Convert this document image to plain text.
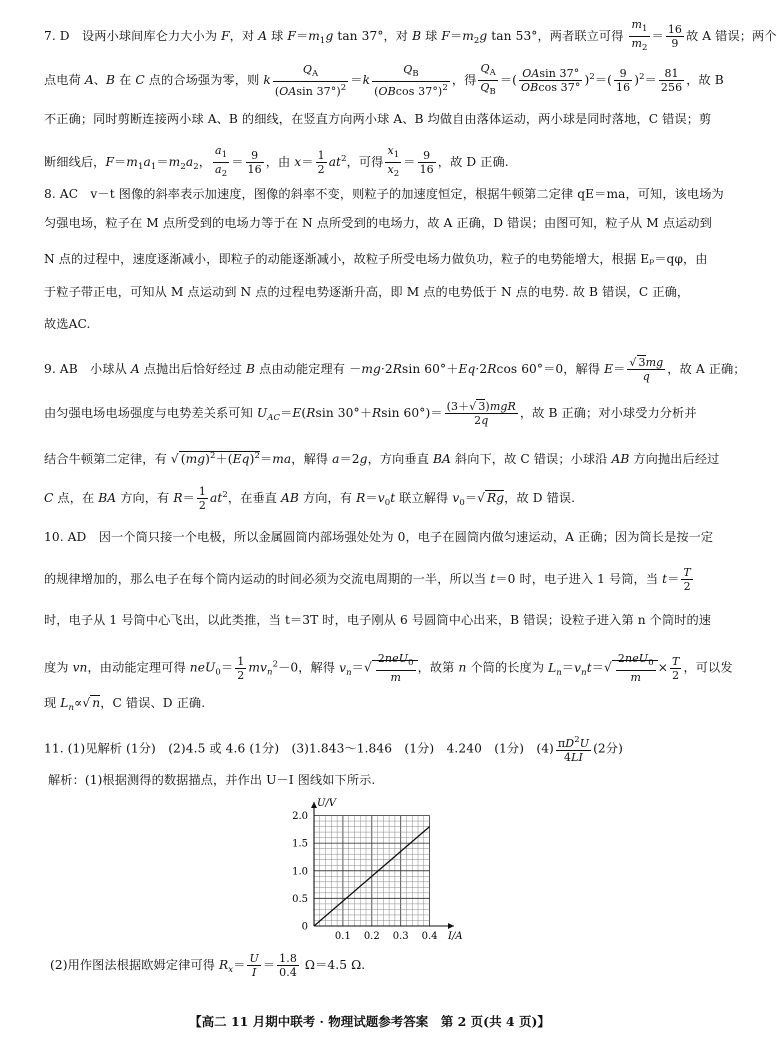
7. D　设两小球间库仑力大小为 F，对 A 球 $F=m_1g$ tan 37°，对 B 球 $F=m_2g$ tan 53°，两者联立可得 $\frac{m_1}{m_2} = \frac{16}{9}$ 故 A 错误；两个
点电荷 A、B 在 C 点的合场强为零，则 k $\frac{Q_A}{(OAsin 37^\circ)^2} =k \frac{Q_B}{(OBcos 37^\circ)^2}$ ，得 $\frac{Q_A}{Q_B}$ ＝( $\frac{OAsin 37^\circ}{OBcos 37^\circ} )^2=( \frac{9}{16} )^2= \frac{81}{256}$ ，故 B
不正确；同时剪断连接两小球 A、B 的细线，在竖直方向两小球 A、B 均做自由落体运动，两小球是同时落地，C 错误；剪
断细线后，$F=m_1a_1=m_2a_2$， $\frac{a_1}{a_2} = \frac{9}{16}$ ，由 $x= \frac{1}{2} at^2$，可得 $\frac{x_1}{x_2} = \frac{9}{16}$ ，故 D 正确.
8. AC　v－t 图像的斜率表示加速度，图像的斜率不变，则粒子的加速度恒定，根据牛顿第二定律 qE＝ma，可知，该电场为
匀强电场，粒子在 M 点所受到的电场力等于在 N 点所受到的电场力，故 A 正确，D 错误；由图可知，粒子从 M 点运动到
N 点的过程中，速度逐渐减小，即粒子的动能逐渐减小，故粒子所受电场力做负功，粒子的电势能增大，根据 Eₚ＝qφ，由
于粒子带正电，可知从 M 点运动到 N 点的过程电势逐渐升高，即 M 点的电势低于 N 点的电势. 故 B 错误，C 正确，
故选AC.
9. AB　小球从 A 点抛出后恰好经过 B 点由动能定理有 －mg·2Rsin 60°＋Eq·2Rcos 60°＝0，解得 $E= \frac{√ 3mg}{q}$ ，故 A 正确；
由匀强电场电场强度与电势差关系可知 $U_{AC}=E(Rsin$ 30°＋Rsin $60^\circ)= \frac{\text{(3＋√ 3)mgR}}{2q}$ ，故 B 正确；对小球受力分析并
结合牛顿第二定律，有 √ $(mg)^2+(Eq)^2=ma$，解得 a＝2g，方向垂直 BA 斜向下，故 C 错误；小球沿 AB 方向抛出后经过
C 点，在 BA 方向，有 $R= \frac{1}{2} at^2$，在垂直 AB 方向，有 $R=v_0t$ 联立解得 $v_0=√$ Rg，故 D 错误.
10. AD　因一个筒只接一个电极，所以金属圆筒内部场强处处为 0，电子在圆筒内做匀速运动，A 正确；因为筒长是按一定
的规律增加的，那么电子在每个筒内运动的时间必须为交流电周期的一半，所以当 t＝0 时，电子进入 1 号筒，当 $t= \frac{T}{2}$
时，电子从 1 号筒中心飞出，以此类推，当 t＝3T 时，电子刚从 6 号圆筒中心出来，B 错误；设粒子进入第 n 个筒时的速
度为 vn，由动能定理可得 $neU_0= \frac{1}{2} mv_n^2-0$，解得 $v_n=√ \frac{2neU_0}{m}$ ，故第 n 个筒的长度为 $L_n=v_nt=√ \frac{2neU_0}{m} \times \frac{T}{2}$ ，可以发
现 $L_n\propto√$ n，C 错误、D 正确.
11. (1)见解析 (1分)　(2)4.5 或 4.6 (1分)　(3)1.843～1.846　(1分)　4.240　(1分)　$(4) \frac{\pi D^2U}{4LI} (2$分)
解析：(1)根据测得的数据描点，并作出 U－I 图线如下所示.
0.1 0.2 0.3 0.4
0
0.5
1.0
1.5
2.0
I/A
U/V
(2)用作图法根据欧姆定律可得 $R_x= \frac{U}{I} = \frac{1.8}{0.4} \Omega=4.5$ Ω.
【高二 11 月期中联考 · 物理试题参考答案　第 2 页(共 4 页)】
